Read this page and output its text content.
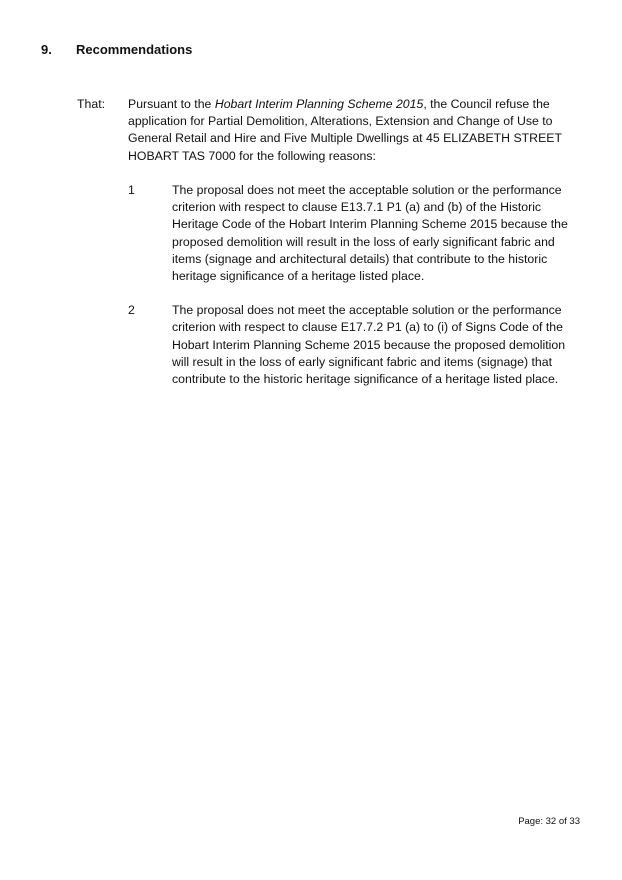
9. Recommendations
That: Pursuant to the Hobart Interim Planning Scheme 2015, the Council refuse the application for Partial Demolition, Alterations, Extension and Change of Use to General Retail and Hire and Five Multiple Dwellings at 45 ELIZABETH STREET HOBART TAS 7000 for the following reasons:
1	The proposal does not meet the acceptable solution or the performance criterion with respect to clause E13.7.1 P1 (a) and (b) of the Historic Heritage Code of the Hobart Interim Planning Scheme 2015 because the proposed demolition will result in the loss of early significant fabric and items (signage and architectural details) that contribute to the historic heritage significance of a heritage listed place.
2	The proposal does not meet the acceptable solution or the performance criterion with respect to clause E17.7.2 P1 (a) to (i) of Signs Code of the Hobart Interim Planning Scheme 2015 because the proposed demolition will result in the loss of early significant fabric and items (signage) that contribute to the historic heritage significance of a heritage listed place.
Page: 32 of 33
